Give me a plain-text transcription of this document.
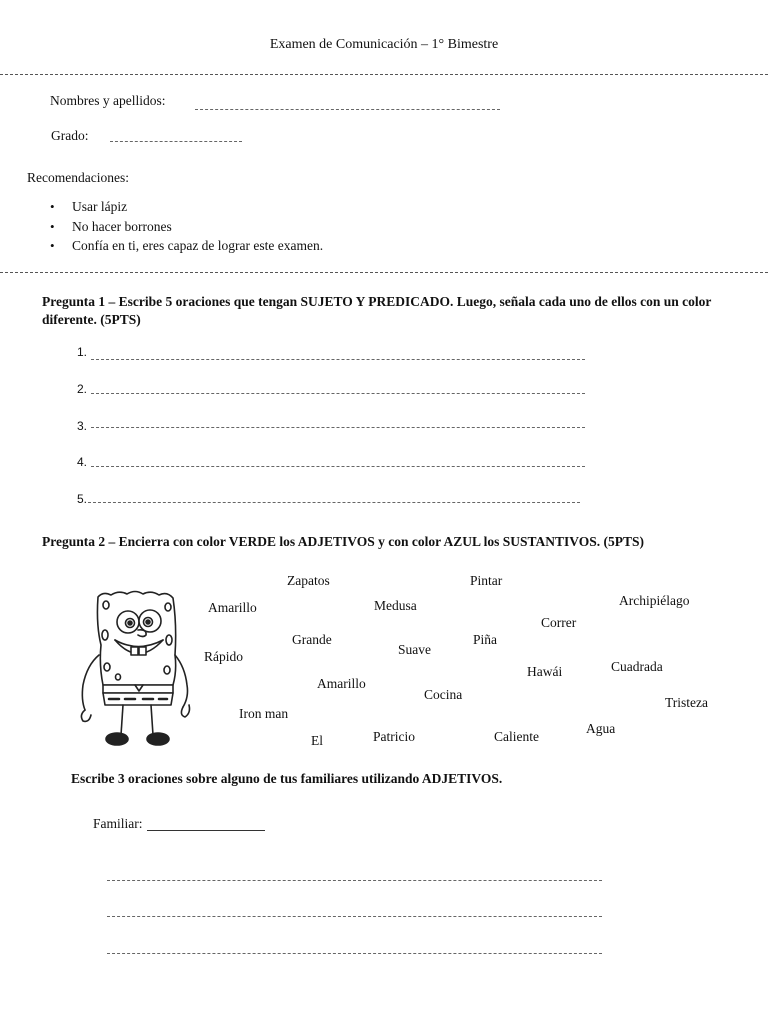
Examen de Comunicación – 1° Bimestre
Nombres y apellidos:
Grado:
Recomendaciones:
• Usar lápiz
• No hacer borrones
• Confía en ti, eres capaz de lograr este examen.
Pregunta 1 – Escribe 5 oraciones que tengan SUJETO Y PREDICADO. Luego, señala cada uno de ellos con un color diferente. (5PTS)
1.
2.
3.
4.
5.
Pregunta 2 – Encierra con color VERDE los ADJETIVOS y con color AZUL los SUSTANTIVOS. (5PTS)
Zapatos	Pintar
Amarillo	Medusa	Archipiélago
Correr
Grande	Piña
Rápido	Suave
Hawái	Cuadrada
Amarillo
Cocina
Tristeza
Iron man
El	Patricio	Caliente
Agua
Escribe 3 oraciones sobre alguno de tus familiares utilizando ADJETIVOS.
Familiar:
